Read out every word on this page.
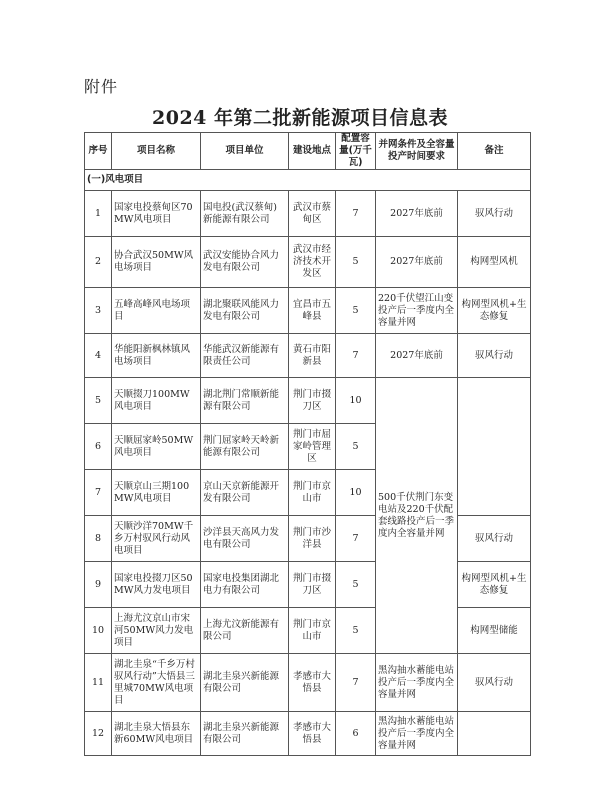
附件
2024 年第二批新能源项目信息表
序号	项目名称	项目单位	建设地点	配置容量(万千瓦)	并网条件及全容量投产时间要求	备注
(一)风电项目						
1	国家电投蔡甸区70MW风电项目	国电投(武汉蔡甸)新能源有限公司	武汉市蔡甸区	7	2027年底前	驭风行动
2	协合武汉50MW风电场项目	武汉安能协合风力发电有限公司	武汉市经济技术开发区	5	2027年底前	构网型风机
3	五峰高峰风电场项目	湖北聚联风能风力发电有限公司	宜昌市五峰县	5	220千伏望江山变投产后一季度内全容量并网	构网型风机+生态修复
4	华能阳新枫林镇风电场项目	华能武汉新能源有限责任公司	黄石市阳新县	7	2027年底前	驭风行动
5	天顺掇刀100MW风电项目	湖北荆门常顺新能源有限公司	荆门市掇刀区	10	500千伏荆门东变电站及220千伏配套线路投产后一季度内全容量并网	
6	天顺屈家岭50MW风电项目	荆门屈家岭天岭新能源有限公司	荆门市屈家岭管理区	5		
7	天顺京山三期100MW风电项目	京山天京新能源开发有限公司	荆门市京山市	10		
8	天顺沙洋70MW千乡万村驭风行动风电项目	沙洋县天高风力发电有限公司	荆门市沙洋县	7		驭风行动
9	国家电投掇刀区50MW风力发电项目	国家电投集团湖北电力有限公司	荆门市掇刀区	5		构网型风机+生态修复
10	上海尤汶京山市宋河50MW风力发电项目	上海尤汶新能源有限公司	荆门市京山市	5		构网型储能
11	湖北圭泉“千乡万村驭风行动”大悟县三里城70MW风电项目	湖北圭泉兴新能源有限公司	孝感市大悟县	7	黑沟抽水蓄能电站投产后一季度内全容量并网	驭风行动
12	湖北圭泉大悟县东新60MW风电项目	湖北圭泉兴新能源有限公司	孝感市大悟县	6	黑沟抽水蓄能电站投产后一季度内全容量并网	
